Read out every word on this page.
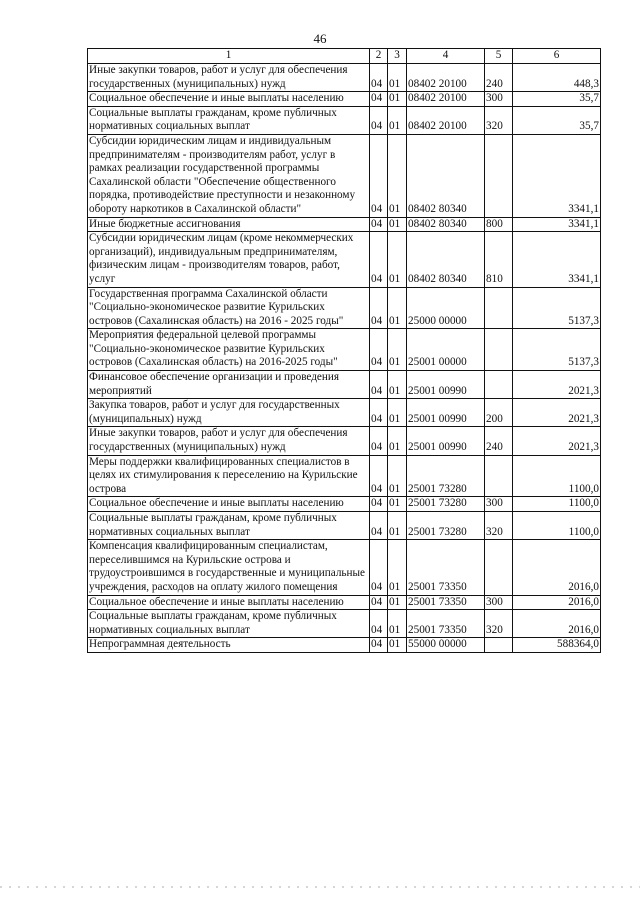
46
1	2	3	4	5	6
Иные закупки товаров, работ и услуг для обеспечения государственных (муниципальных) нужд	04	01	08402 20100	240	448,3
Социальное обеспечение и иные выплаты населению	04	01	08402 20100	300	35,7
Социальные выплаты гражданам, кроме публичных нормативных социальных выплат	04	01	08402 20100	320	35,7
Субсидии юридическим лицам и индивидуальным предпринимателям - производителям работ, услуг в рамках реализации государственной программы Сахалинской области "Обеспечение общественного порядка, противодействие преступности и незаконному обороту наркотиков в Сахалинской области"	04	01	08402 80340		3341,1
Иные бюджетные ассигнования	04	01	08402 80340	800	3341,1
Субсидии юридическим лицам (кроме некоммерческих организаций), индивидуальным предпринимателям, физическим лицам - производителям товаров, работ, услуг	04	01	08402 80340	810	3341,1
Государственная программа Сахалинской области "Социально-экономическое развитие Курильских островов (Сахалинская область) на 2016 - 2025 годы"	04	01	25000 00000		5137,3
Мероприятия федеральной целевой программы "Социально-экономическое развитие Курильских островов (Сахалинская область) на 2016-2025 годы"	04	01	25001 00000		5137,3
Финансовое обеспечение организации и проведения мероприятий	04	01	25001 00990		2021,3
Закупка товаров, работ и услуг для государственных (муниципальных) нужд	04	01	25001 00990	200	2021,3
Иные закупки товаров, работ и услуг для обеспечения государственных (муниципальных) нужд	04	01	25001 00990	240	2021,3
Меры поддержки квалифицированных специалистов в целях их стимулирования к переселению на Курильские острова	04	01	25001 73280		1100,0
Социальное обеспечение и иные выплаты населению	04	01	25001 73280	300	1100,0
Социальные выплаты гражданам, кроме публичных нормативных социальных выплат	04	01	25001 73280	320	1100,0
Компенсация квалифицированным специалистам, переселившимся на Курильские острова и трудоустроившимся в государственные и муниципальные учреждения, расходов на оплату жилого помещения	04	01	25001 73350		2016,0
Социальное обеспечение и иные выплаты населению	04	01	25001 73350	300	2016,0
Социальные выплаты гражданам, кроме публичных нормативных социальных выплат	04	01	25001 73350	320	2016,0
Непрограммная деятельность	04	01	55000 00000		588364,0
